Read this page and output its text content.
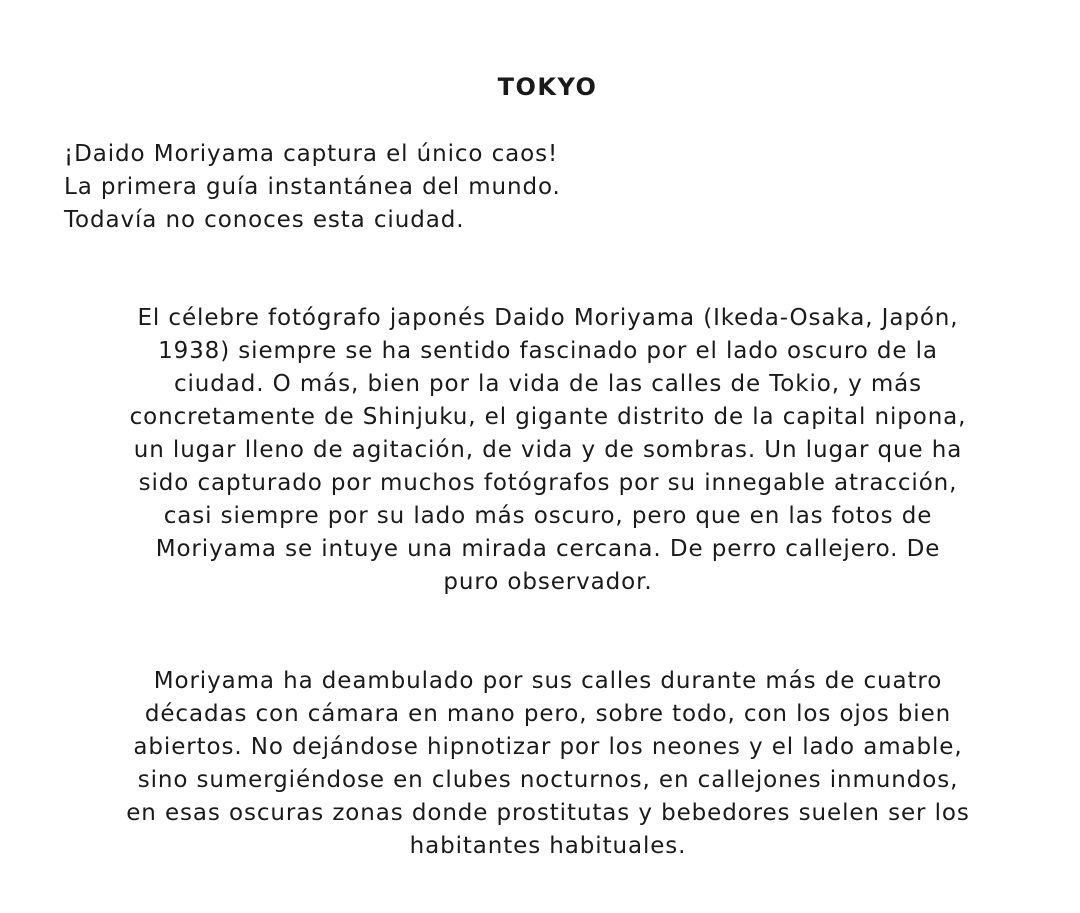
TOKYO
¡Daido Moriyama captura el único caos!
La primera guía instantánea del mundo.
Todavía no conoces esta ciudad.

El célebre fotógrafo japonés Daido Moriyama (Ikeda-Osaka, Japón,
1938) siempre se ha sentido fascinado por el lado oscuro de la
ciudad. O más, bien por la vida de las calles de Tokio, y más
concretamente de Shinjuku, el gigante distrito de la capital nipona,
un lugar lleno de agitación, de vida y de sombras. Un lugar que ha
sido capturado por muchos fotógrafos por su innegable atracción,
casi siempre por su lado más oscuro, pero que en las fotos de
Moriyama se intuye una mirada cercana. De perro callejero. De
puro observador.

Moriyama ha deambulado por sus calles durante más de cuatro
décadas con cámara en mano pero, sobre todo, con los ojos bien
abiertos. No dejándose hipnotizar por los neones y el lado amable,
sino sumergiéndose en clubes nocturnos, en callejones inmundos,
en esas oscuras zonas donde prostitutas y bebedores suelen ser los
habitantes habituales.
